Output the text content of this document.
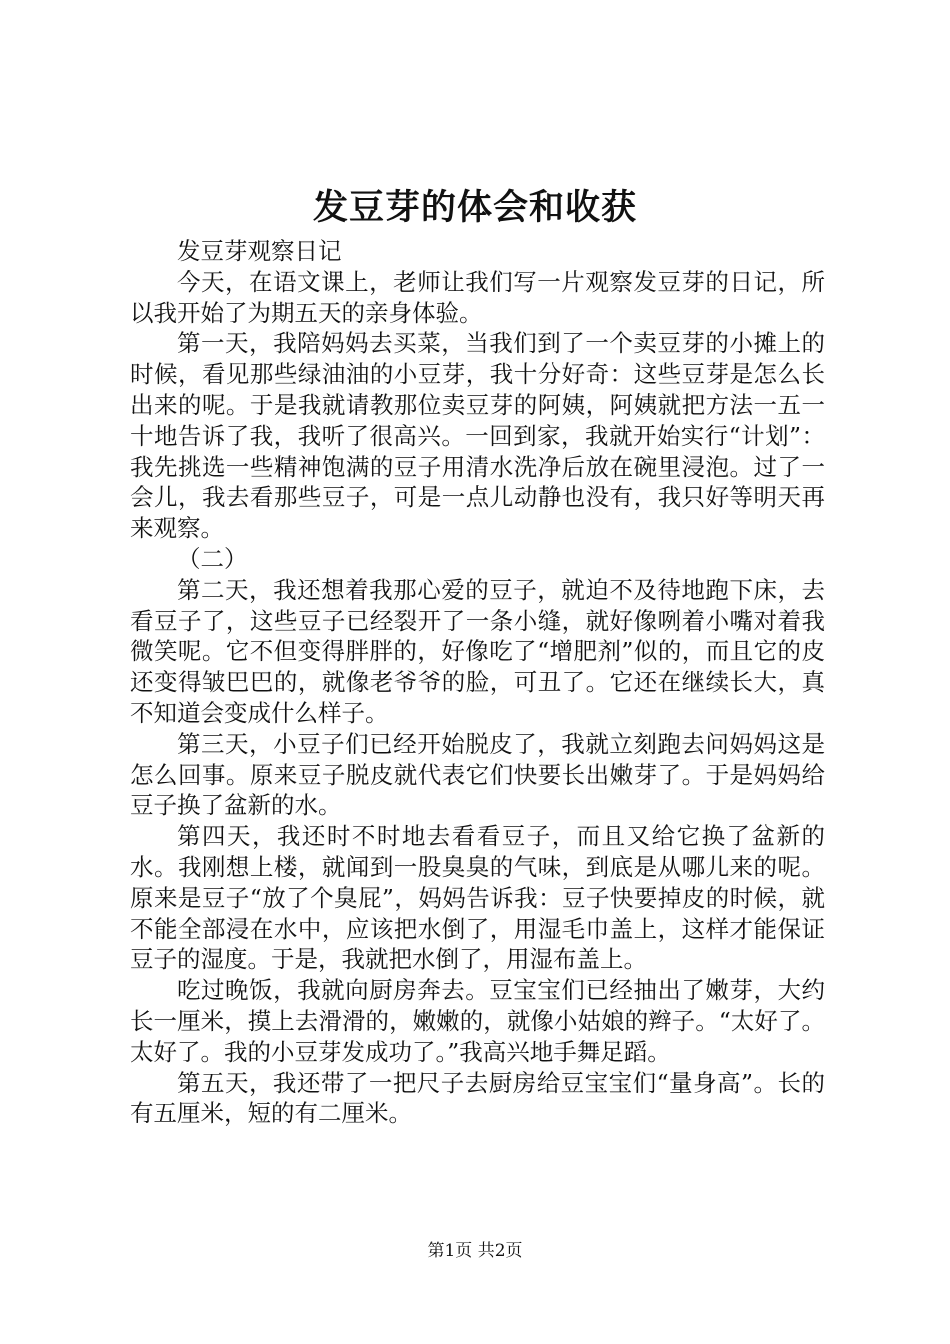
发豆芽的体会和收获

发豆芽观察日记

今天，在语文课上，老师让我们写一片观察发豆芽的日记，所以我开始了为期五天的亲身体验。

第一天，我陪妈妈去买菜，当我们到了一个卖豆芽的小摊上的时候，看见那些绿油油的小豆芽，我十分好奇：这些豆芽是怎么长出来的呢。于是我就请教那位卖豆芽的阿姨，阿姨就把方法一五一十地告诉了我，我听了很高兴。一回到家，我就开始实行“计划”：我先挑选一些精神饱满的豆子用清水洗净后放在碗里浸泡。过了一会儿，我去看那些豆子，可是一点儿动静也没有，我只好等明天再来观察。

（二）

第二天，我还想着我那心爱的豆子，就迫不及待地跑下床，去看豆子了，这些豆子已经裂开了一条小缝，就好像咧着小嘴对着我微笑呢。它不但变得胖胖的，好像吃了“增肥剂”似的，而且它的皮还变得皱巴巴的，就像老爷爷的脸，可丑了。它还在继续长大，真不知道会变成什么样子。

第三天，小豆子们已经开始脱皮了，我就立刻跑去问妈妈这是怎么回事。原来豆子脱皮就代表它们快要长出嫩芽了。于是妈妈给豆子换了盆新的水。

第四天，我还时不时地去看看豆子，而且又给它换了盆新的水。我刚想上楼，就闻到一股臭臭的气味，到底是从哪儿来的呢。原来是豆子“放了个臭屁”，妈妈告诉我：豆子快要掉皮的时候，就不能全部浸在水中，应该把水倒了，用湿毛巾盖上，这样才能保证豆子的湿度。于是，我就把水倒了，用湿布盖上。

吃过晚饭，我就向厨房奔去。豆宝宝们已经抽出了嫩芽，大约长一厘米，摸上去滑滑的，嫩嫩的，就像小姑娘的辫子。“太好了。太好了。我的小豆芽发成功了。”我高兴地手舞足蹈。

第五天，我还带了一把尺子去厨房给豆宝宝们“量身高”。长的有五厘米，短的有二厘米。

第1页 共2页
